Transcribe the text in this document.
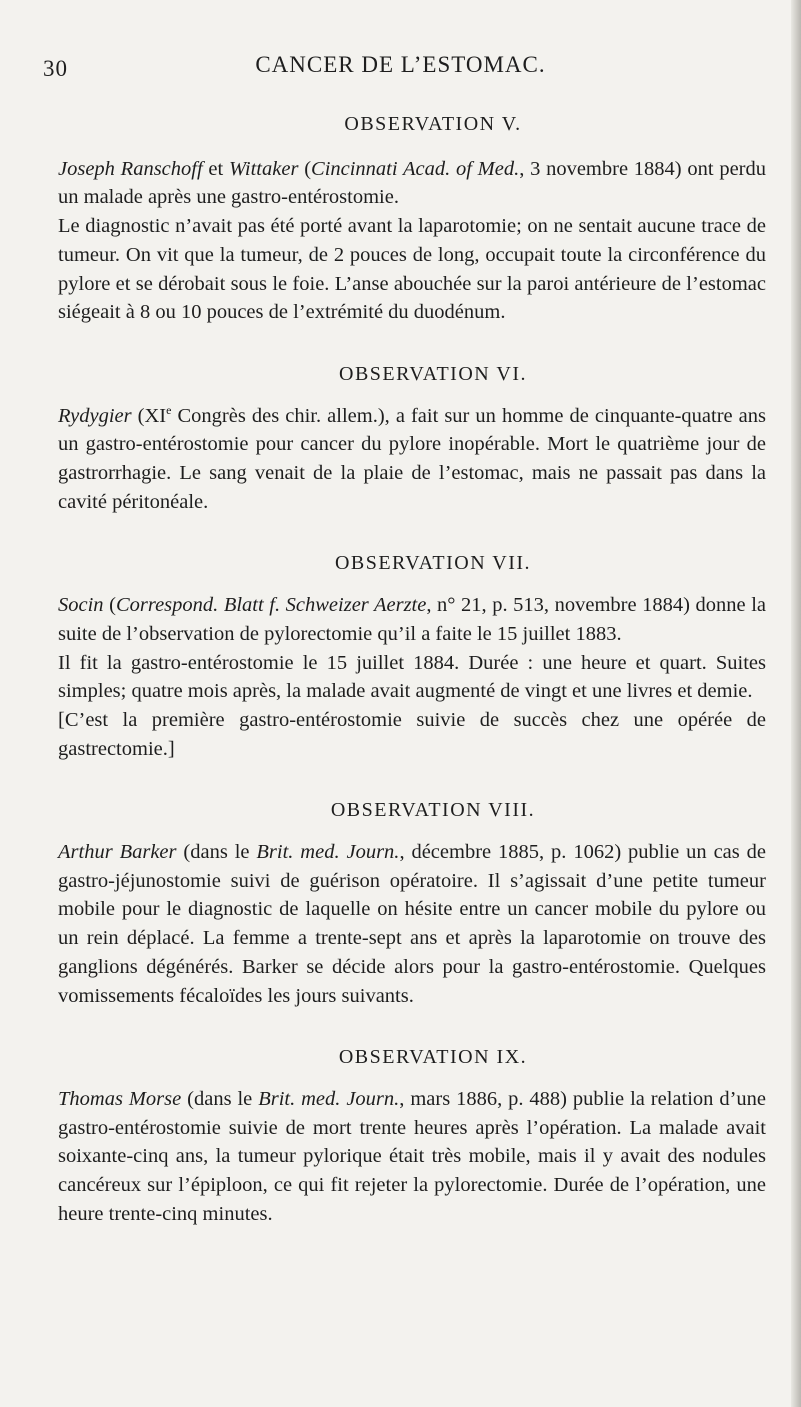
30	CANCER DE L’ESTOMAC.
OBSERVATION V.

Joseph Ranschoff et Wittaker (Cincinnati Acad. of Med., 3 novembre 1884) ont perdu un malade après une gastro-entérostomie.

Le diagnostic n’avait pas été porté avant la laparotomie; on ne sentait aucune trace de tumeur. On vit que la tumeur, de 2 pouces de long, occupait toute la circonférence du pylore et se dérobait sous le foie. L’anse abouchée sur la paroi antérieure de l’estomac siégeait à 8 ou 10 pouces de l’extrémité du duodénum.

OBSERVATION VI.

Rydygier (XIe Congrès des chir. allem.), a fait sur un homme de cinquante-quatre ans un gastro-entérostomie pour cancer du pylore inopérable. Mort le quatrième jour de gastrorrhagie. Le sang venait de la plaie de l’estomac, mais ne passait pas dans la cavité péritonéale.

OBSERVATION VII.

Socin (Correspond. Blatt f. Schweizer Aerzte, n° 21, p. 513, novembre 1884) donne la suite de l’observation de pylorectomie qu’il a faite le 15 juillet 1883.

Il fit la gastro-entérostomie le 15 juillet 1884. Durée : une heure et quart. Suites simples; quatre mois après, la malade avait augmenté de vingt et une livres et demie.

[C’est la première gastro-entérostomie suivie de succès chez une opérée de gastrectomie.]

OBSERVATION VIII.

Arthur Barker (dans le Brit. med. Journ., décembre 1885, p. 1062) publie un cas de gastro-jéjunostomie suivi de guérison opératoire. Il s’agissait d’une petite tumeur mobile pour le diagnostic de laquelle on hésite entre un cancer mobile du pylore ou un rein déplacé. La femme a trente-sept ans et après la laparotomie on trouve des ganglions dégénérés. Barker se décide alors pour la gastro-entérostomie. Quelques vomissements fécaloïdes les jours suivants.

OBSERVATION IX.

Thomas Morse (dans le Brit. med. Journ., mars 1886, p. 488) publie la relation d’une gastro-entérostomie suivie de mort trente heures après l’opération. La malade avait soixante-cinq ans, la tumeur pylorique était très mobile, mais il y avait des nodules cancéreux sur l’épiploon, ce qui fit rejeter la pylorectomie. Durée de l’opération, une heure trente-cinq minutes.
